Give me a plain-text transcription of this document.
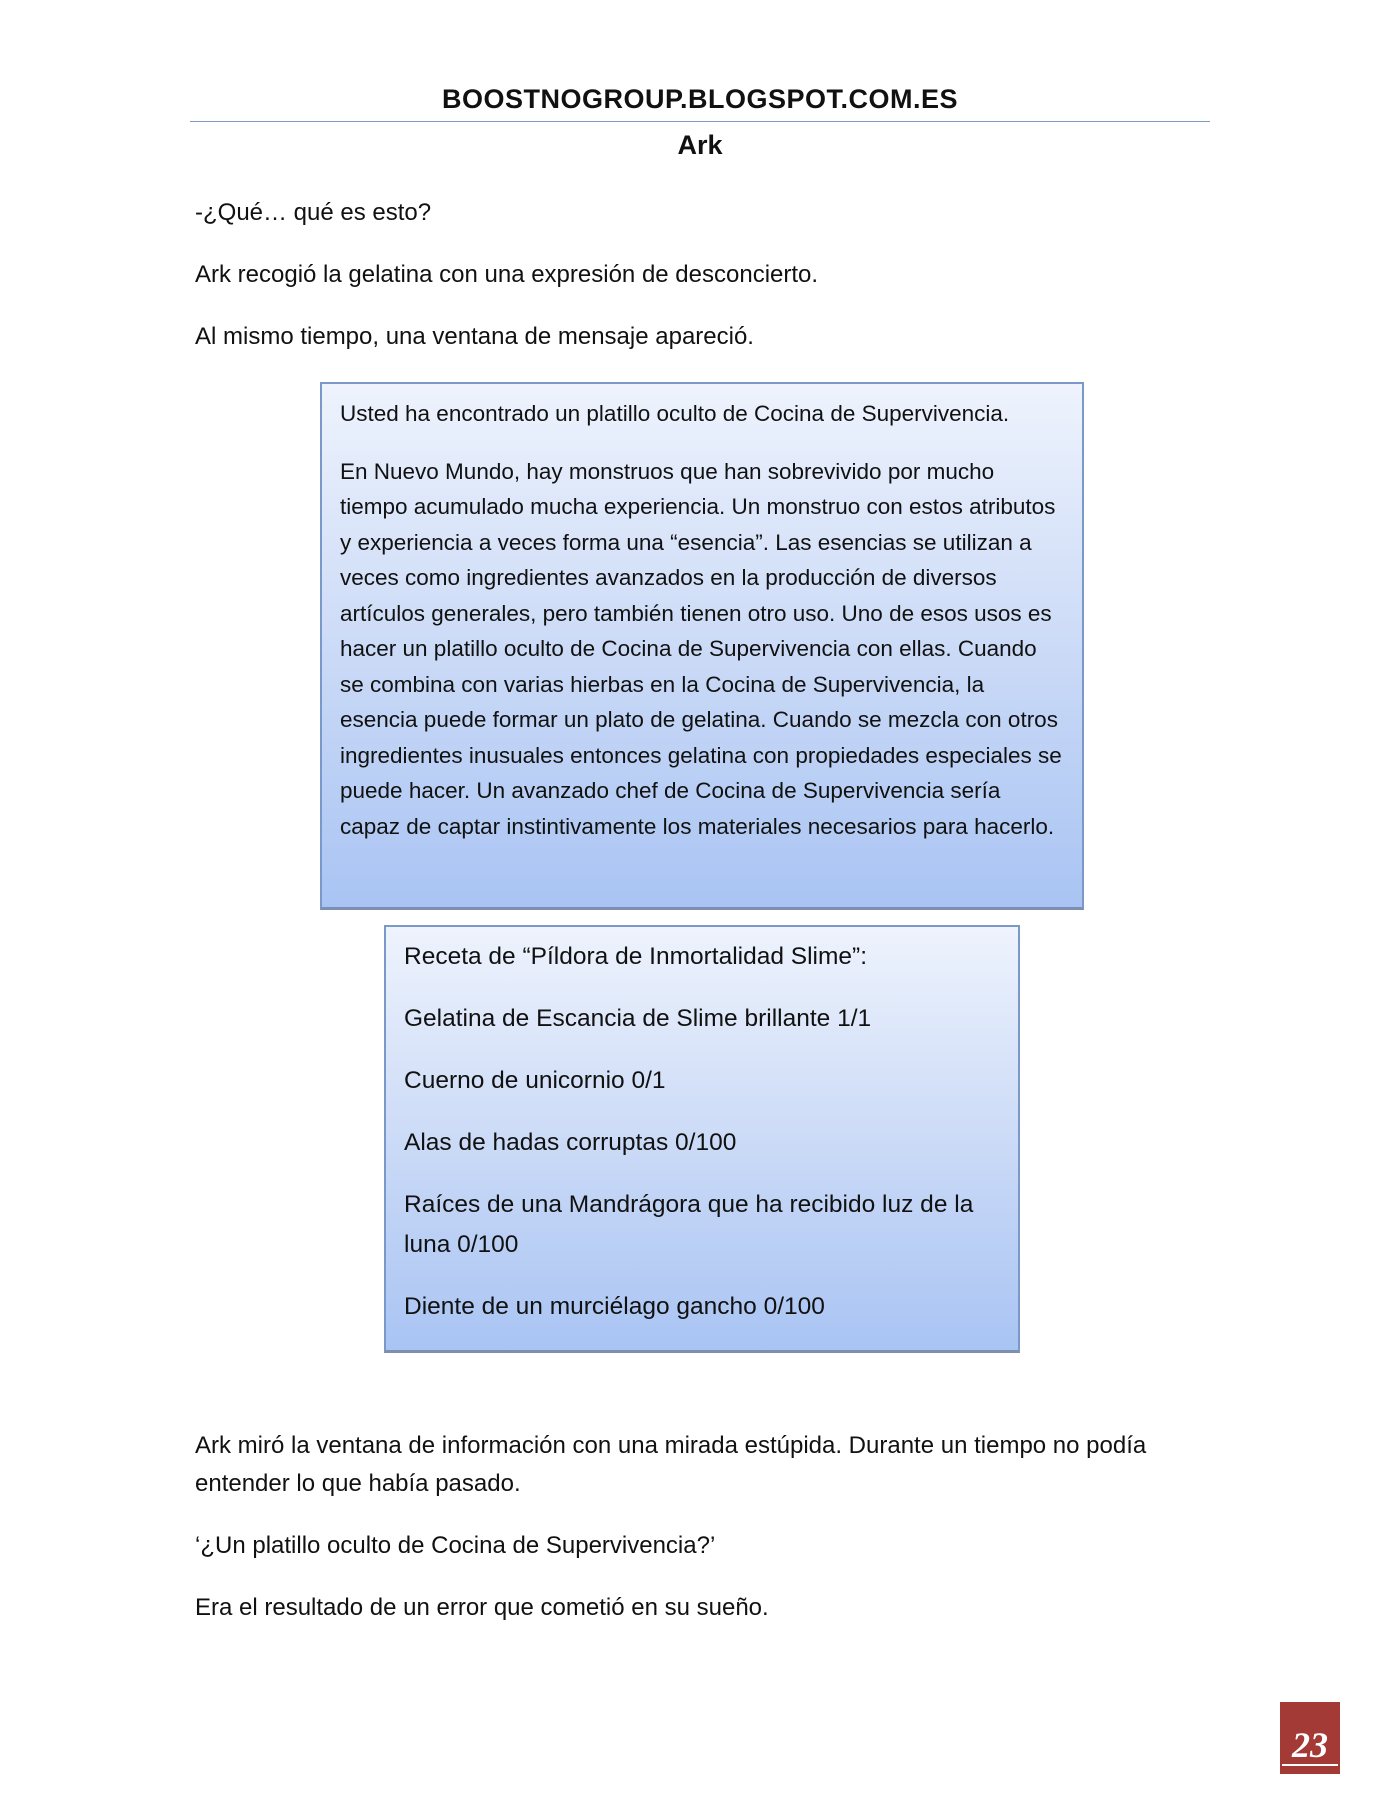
BOOSTNOGROUP.BLOGSPOT.COM.ES
Ark
-¿Qué… qué es esto?
Ark recogió la gelatina con una expresión de desconcierto.
Al mismo tiempo, una ventana de mensaje apareció.

Usted ha encontrado un platillo oculto de Cocina de Supervivencia.

En Nuevo Mundo, hay monstruos que han sobrevivido por mucho tiempo acumulado mucha experiencia. Un monstruo con estos atributos y experiencia a veces forma una “esencia”. Las esencias se utilizan a veces como ingredientes avanzados en la producción de diversos artículos generales, pero también tienen otro uso. Uno de esos usos es hacer un platillo oculto de Cocina de Supervivencia con ellas. Cuando se combina con varias hierbas en la Cocina de Supervivencia, la esencia puede formar un plato de gelatina. Cuando se mezcla con otros ingredientes inusuales entonces gelatina con propiedades especiales se puede hacer. Un avanzado chef de Cocina de Supervivencia sería capaz de captar instintivamente los materiales necesarios para hacerlo.

Receta de “Píldora de Inmortalidad Slime”:

Gelatina de Escancia de Slime brillante 1/1

Cuerno de unicornio 0/1

Alas de hadas corruptas 0/100

Raíces de una Mandrágora que ha recibido luz de la luna 0/100

Diente de un murciélago gancho 0/100

Ark miró la ventana de información con una mirada estúpida. Durante un tiempo no podía entender lo que había pasado.
‘¿Un platillo oculto de Cocina de Supervivencia?’
Era el resultado de un error que cometió en su sueño.
23
